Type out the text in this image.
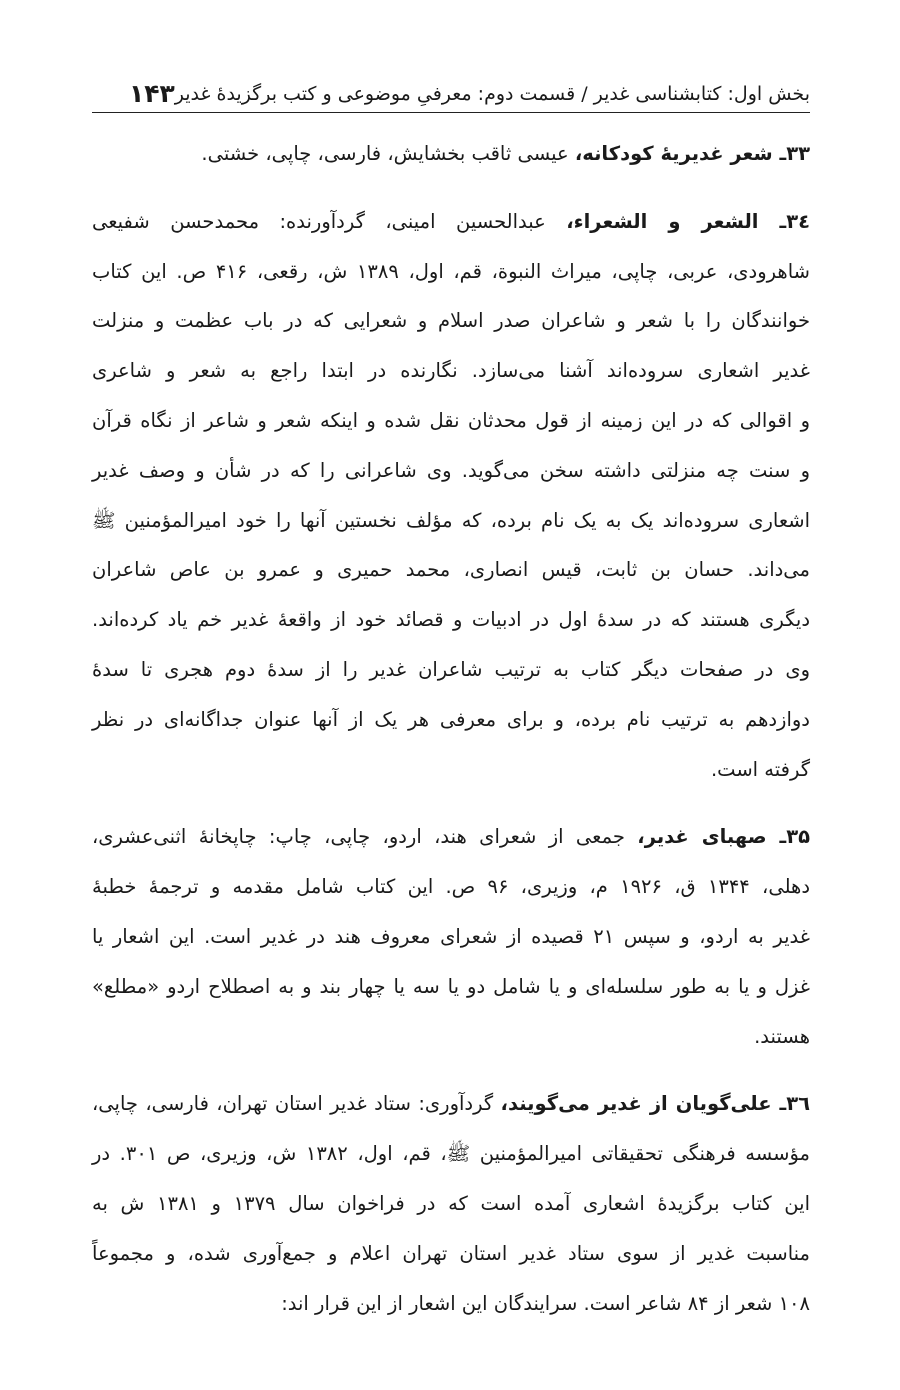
بخش اول: کتابشناسی غدیر / قسمت دوم: معرفیِ موضوعی و کتب برگزیدهٔ غدیر
۱۴۳
۳۳ـ شعر غدیریهٔ کودکانه، عیسی ثاقب بخشایش، فارسی، چاپی، خشتی.
۳٤ـ الشعر و الشعراء، عبدالحسین امینی، گردآورنده: محمدحسن شفیعی
شاهرودی، عربی، چاپی، میراث النبوة، قم، اول، ۱۳۸۹ ش، رقعی، ۴۱۶ ص. این کتاب
خوانندگان را با شعر و شاعران صدر اسلام و شعرایی که در باب عظمت و منزلت
غدیر اشعاری سروده‌اند آشنا می‌سازد. نگارنده در ابتدا راجع به شعر و شاعری
و اقوالی که در این زمینه از قول محدثان نقل شده و اینکه شعر و شاعر از نگاه قرآن
و سنت چه منزلتی داشته سخن می‌گوید. وی شاعرانی را که در شأن و وصف غدیر
اشعاری سروده‌اند یک به یک نام برده، که مؤلف نخستین آنها را خود امیرالمؤمنین ﷺ
می‌داند. حسان بن ثابت، قیس انصاری، محمد حمیری و عمرو بن عاص شاعران
دیگری هستند که در سدهٔ اول در ادبیات و قصائد خود از واقعهٔ غدیر خم یاد کرده‌اند.
وی در صفحات دیگر کتاب به ترتیب شاعران غدیر را از سدهٔ دوم هجری تا سدهٔ
دوازدهم به ترتیب نام برده، و برای معرفی هر یک از آنها عنوان جداگانه‌ای در نظر
گرفته است.
۳۵ـ صهبای غدیر، جمعی از شعرای هند، اردو، چاپی، چاپ: چاپخانهٔ اثنی‌عشری،
دهلی، ۱۳۴۴ ق، ۱۹۲۶ م، وزیری، ۹۶ ص. این کتاب شامل مقدمه و ترجمهٔ خطبهٔ
غدیر به اردو، و سپس ۲۱ قصیده از شعرای معروف هند در غدیر است. این اشعار یا
غزل و یا به طور سلسله‌ای و یا شامل دو یا سه یا چهار بند و به اصطلاح اردو «مطلع»
هستند.
۳٦ـ علی‌گویان از غدیر می‌گویند، گردآوری: ستاد غدیر استان تهران، فارسی، چاپی،
مؤسسه فرهنگی تحقیقاتی امیرالمؤمنین ﷺ، قم، اول، ۱۳۸۲ ش، وزیری، ص ۳۰۱. در
این کتاب برگزیدهٔ اشعاری آمده است که در فراخوان سال ۱۳۷۹ و ۱۳۸۱ ش به
مناسبت غدیر از سوی ستاد غدیر استان تهران اعلام و جمع‌آوری شده، و مجموعاً
۱۰۸ شعر از ۸۴ شاعر است. سرایندگان این اشعار از این قرار اند:
